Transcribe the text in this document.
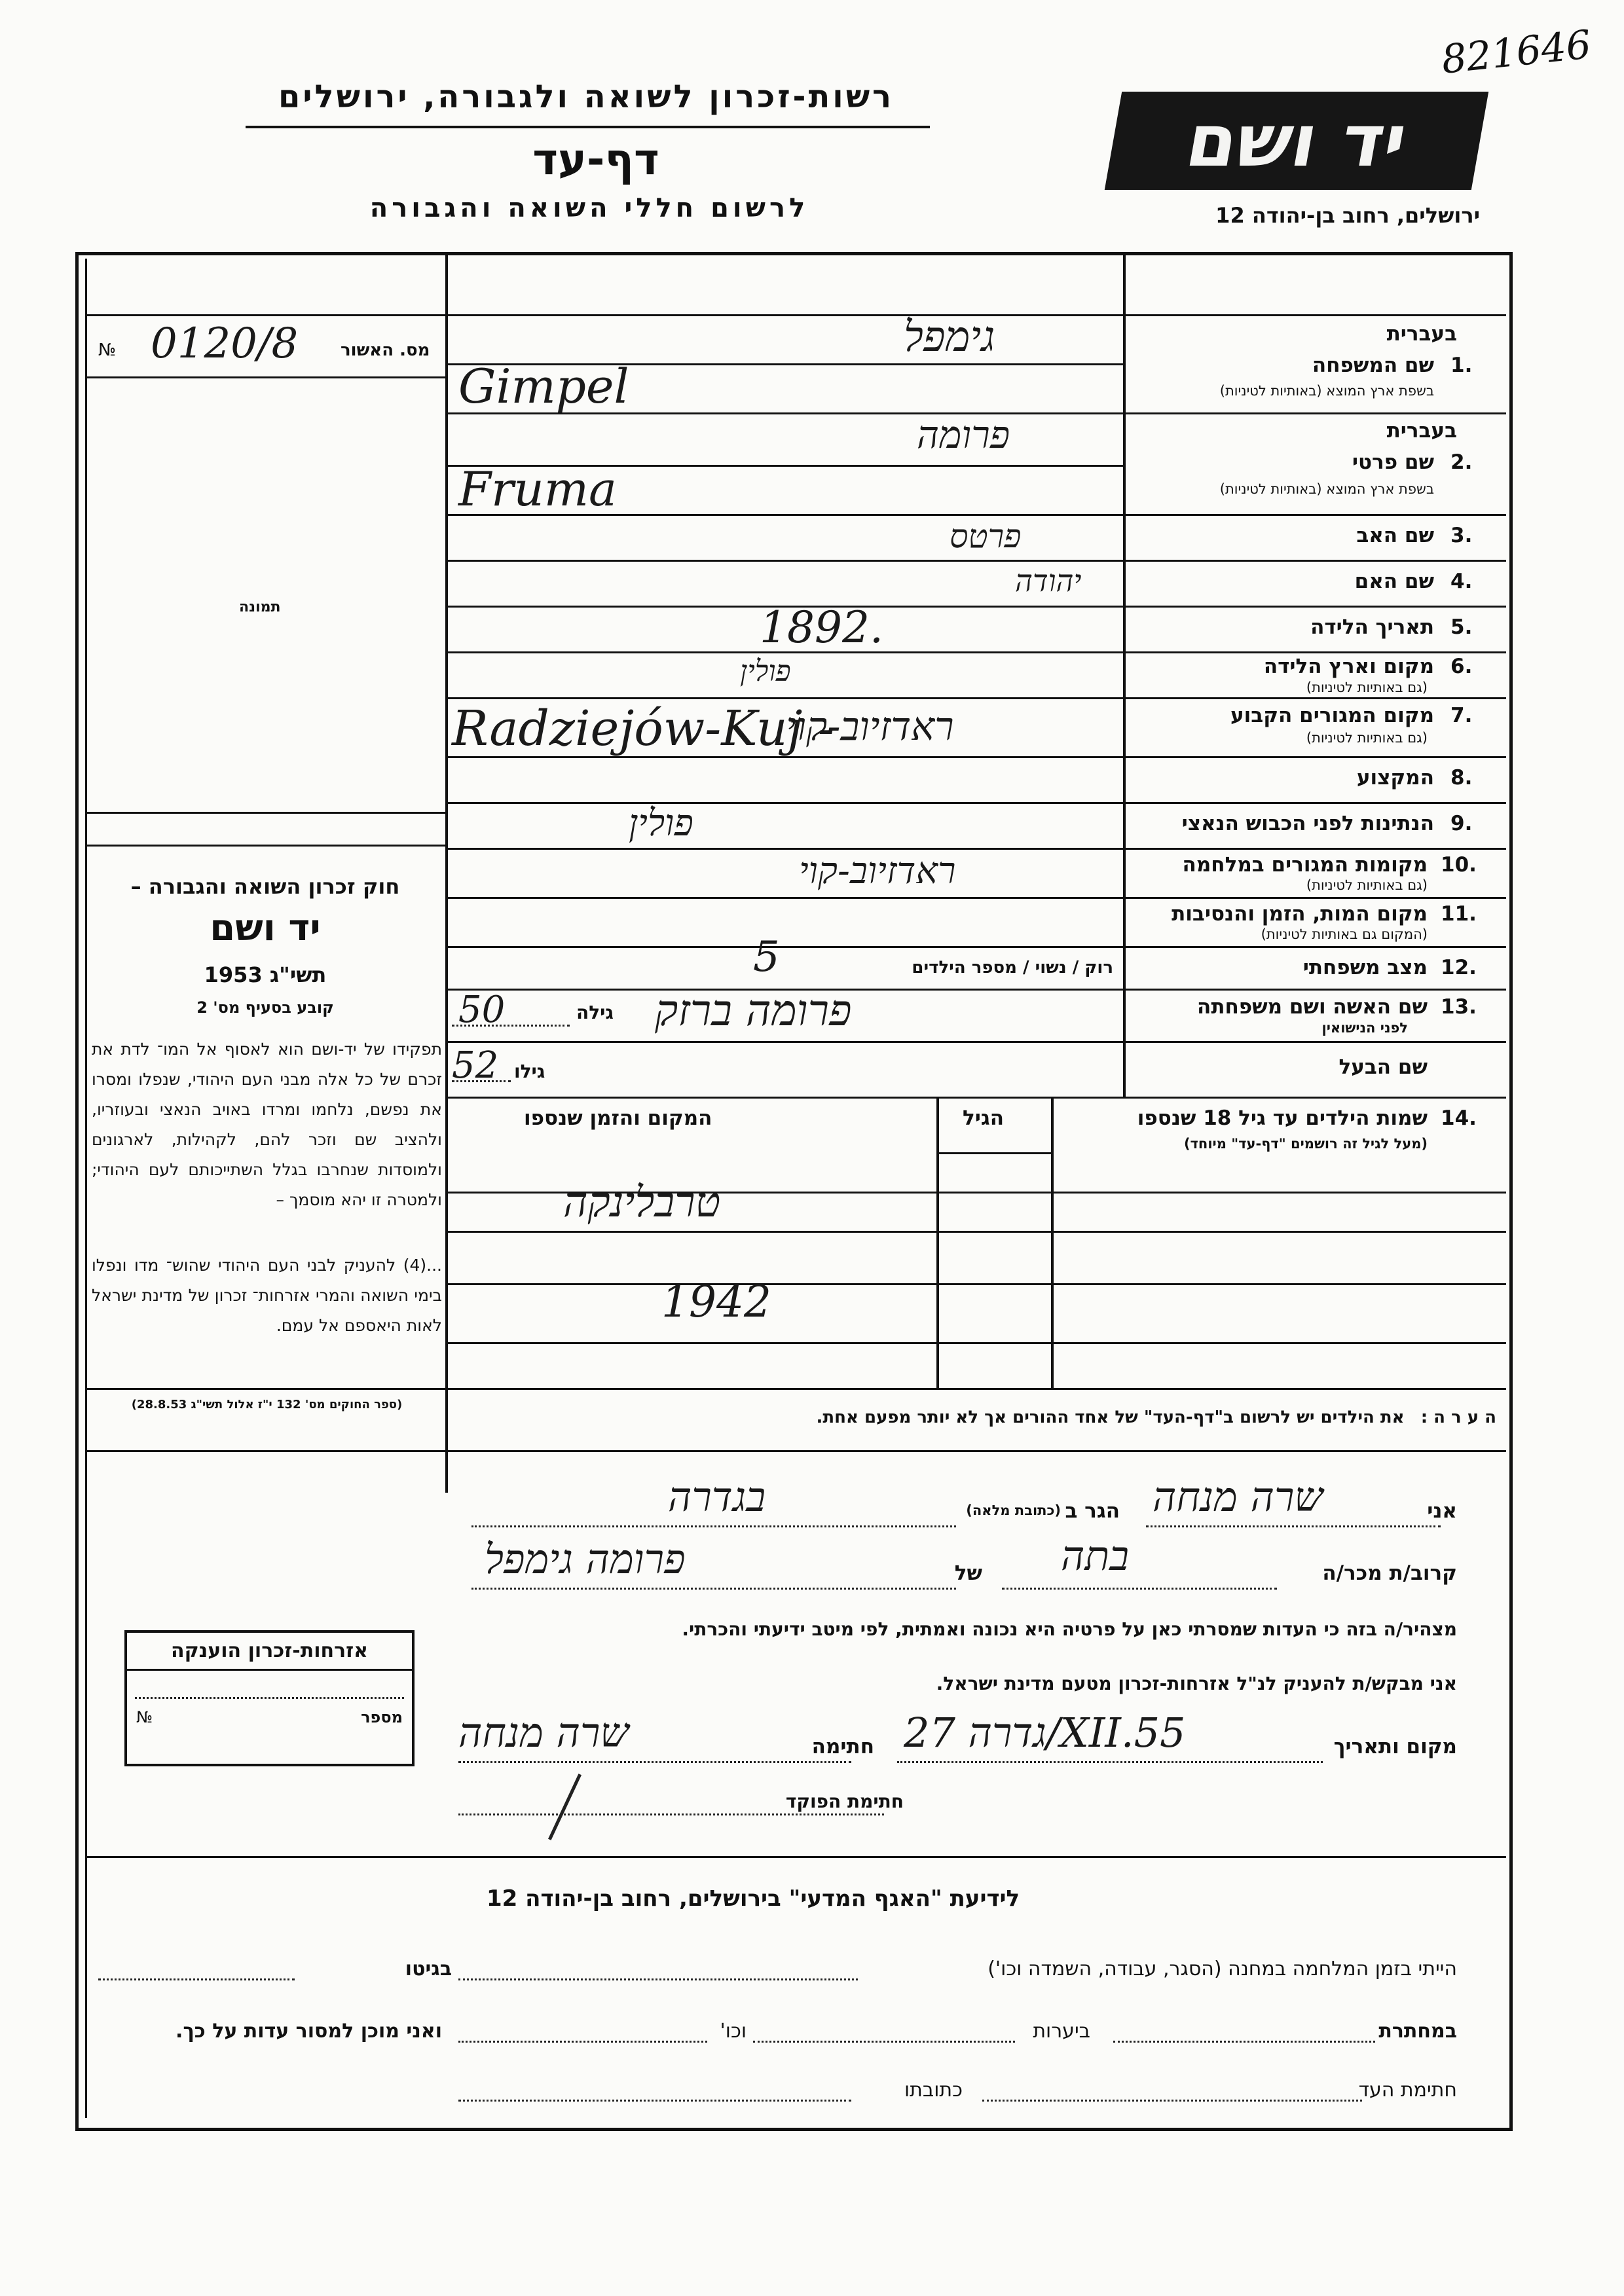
821646
רשות-זכרון לשואה ולגבורה, ירושלים
דף-עד
לרשום חללי השואה והגבורה
יד ושם
ירושלים, רחוב בן-יהודה 12
מס. האשור
№ 0120/8
תמונה
חוק זכרון השואה והגבורה –
יד ושם
תשי"ג 1953
קובע בסעיף מס' 2
תפקידו של יד-ושם הוא לאסוף אל המו־ לדת את זכרם של כל אלה מבני העם היהודי, שנפלו ומסרו את נפשם, נלחמו ומרדו באויב הנאצי ובעוזריו, ולהציב שם וזכר להם, לקהילות, לארגונים ולמוסדות שנחרבו בגלל השתייכותם לעם היהודי; ולמטרה זו יהא מוסמך –
...(4) להעניק לבני העם היהודי שהוש־ מדו ונפלו בימי השואה והמרי אזרחות־ זכרון של מדינת ישראל לאות היאספם אל עמם.
(ספר החוקים מס' 132 י"ז אלול תשי"ג 28.8.53)
בעברית
1.
שם המשפחה
בשפת ארץ המוצא (באותיות לטיניות)
בעברית
2.
שם פרטי
בשפת ארץ המוצא (באותיות לטיניות)
3.
שם האב
4.
שם האם
5.
תאריך הלידה
6.
מקום וארץ הלידה
(גם באותיות לטיניות)
7.
מקום המגורים הקבוע
(גם באותיות לטיניות)
8.
המקצוע
9.
הנתינות לפני הכבוש הנאצי
10.
מקומות המגורים במלחמה
(גם באותיות לטיניות)
11.
מקום המות, הזמן והנסיבות
(המקום גם באותיות לטיניות)
12.
מצב משפחתי
רוק / נשוי / מספר הילדים
5
13.
שם האשה ושם משפחתה
לפני הנישואין
שם הבעל
14.
שמות הילדים עד גיל 18 שנספו
(מעל לגיל זה רושמים "דף-עד" מיוחד)
הגיל
המקום והזמן שנספו
גימפל
Gimpel
פרומה
Fruma
פרטס
יהודה
1892.
פולין
Radziejów-Kuj -
ראדזיוב-קוי
פולין
ראדזיוב-קוי
פרומה ברזק
גילה
50
גילו
52
טרבלינקה
1942
ה ע ר ה : את הילדים יש לרשום ב"דף-העד" של אחד ההורים אך לא יותר מפעם אחת.
אני
שרה מנחה
הגר ב
(כתובת מלאה)
בגדרה
קרוב/ת מכר/ה
בתה
של
פרומה גימפל
מצהיר/ה בזה כי העדות שמסרתי כאן על פרטיה היא נכונה ואמתית, לפי מיטב ידיעתי והכרתי.
אני מבקש/ת להעניק לנ"ל אזרחות-זכרון מטעם מדינת ישראל.
מקום ותאריך
גדרה 27/XII.55
חתימה
שרה מנחה
חתימת הפוקד
אזרחות-זכרון הוענקה
№	מספר
לידיעת "האגף המדעי" בירושלים, רחוב בן-יהודה 12
הייתי בזמן המלחמה במחנה (הסגר, עבודה, השמדה וכו')
בגיטו
במחתרת
ביערות
וכו'
ואני מוכן למסור עדות על כך.
חתימת העד
כתובתו
